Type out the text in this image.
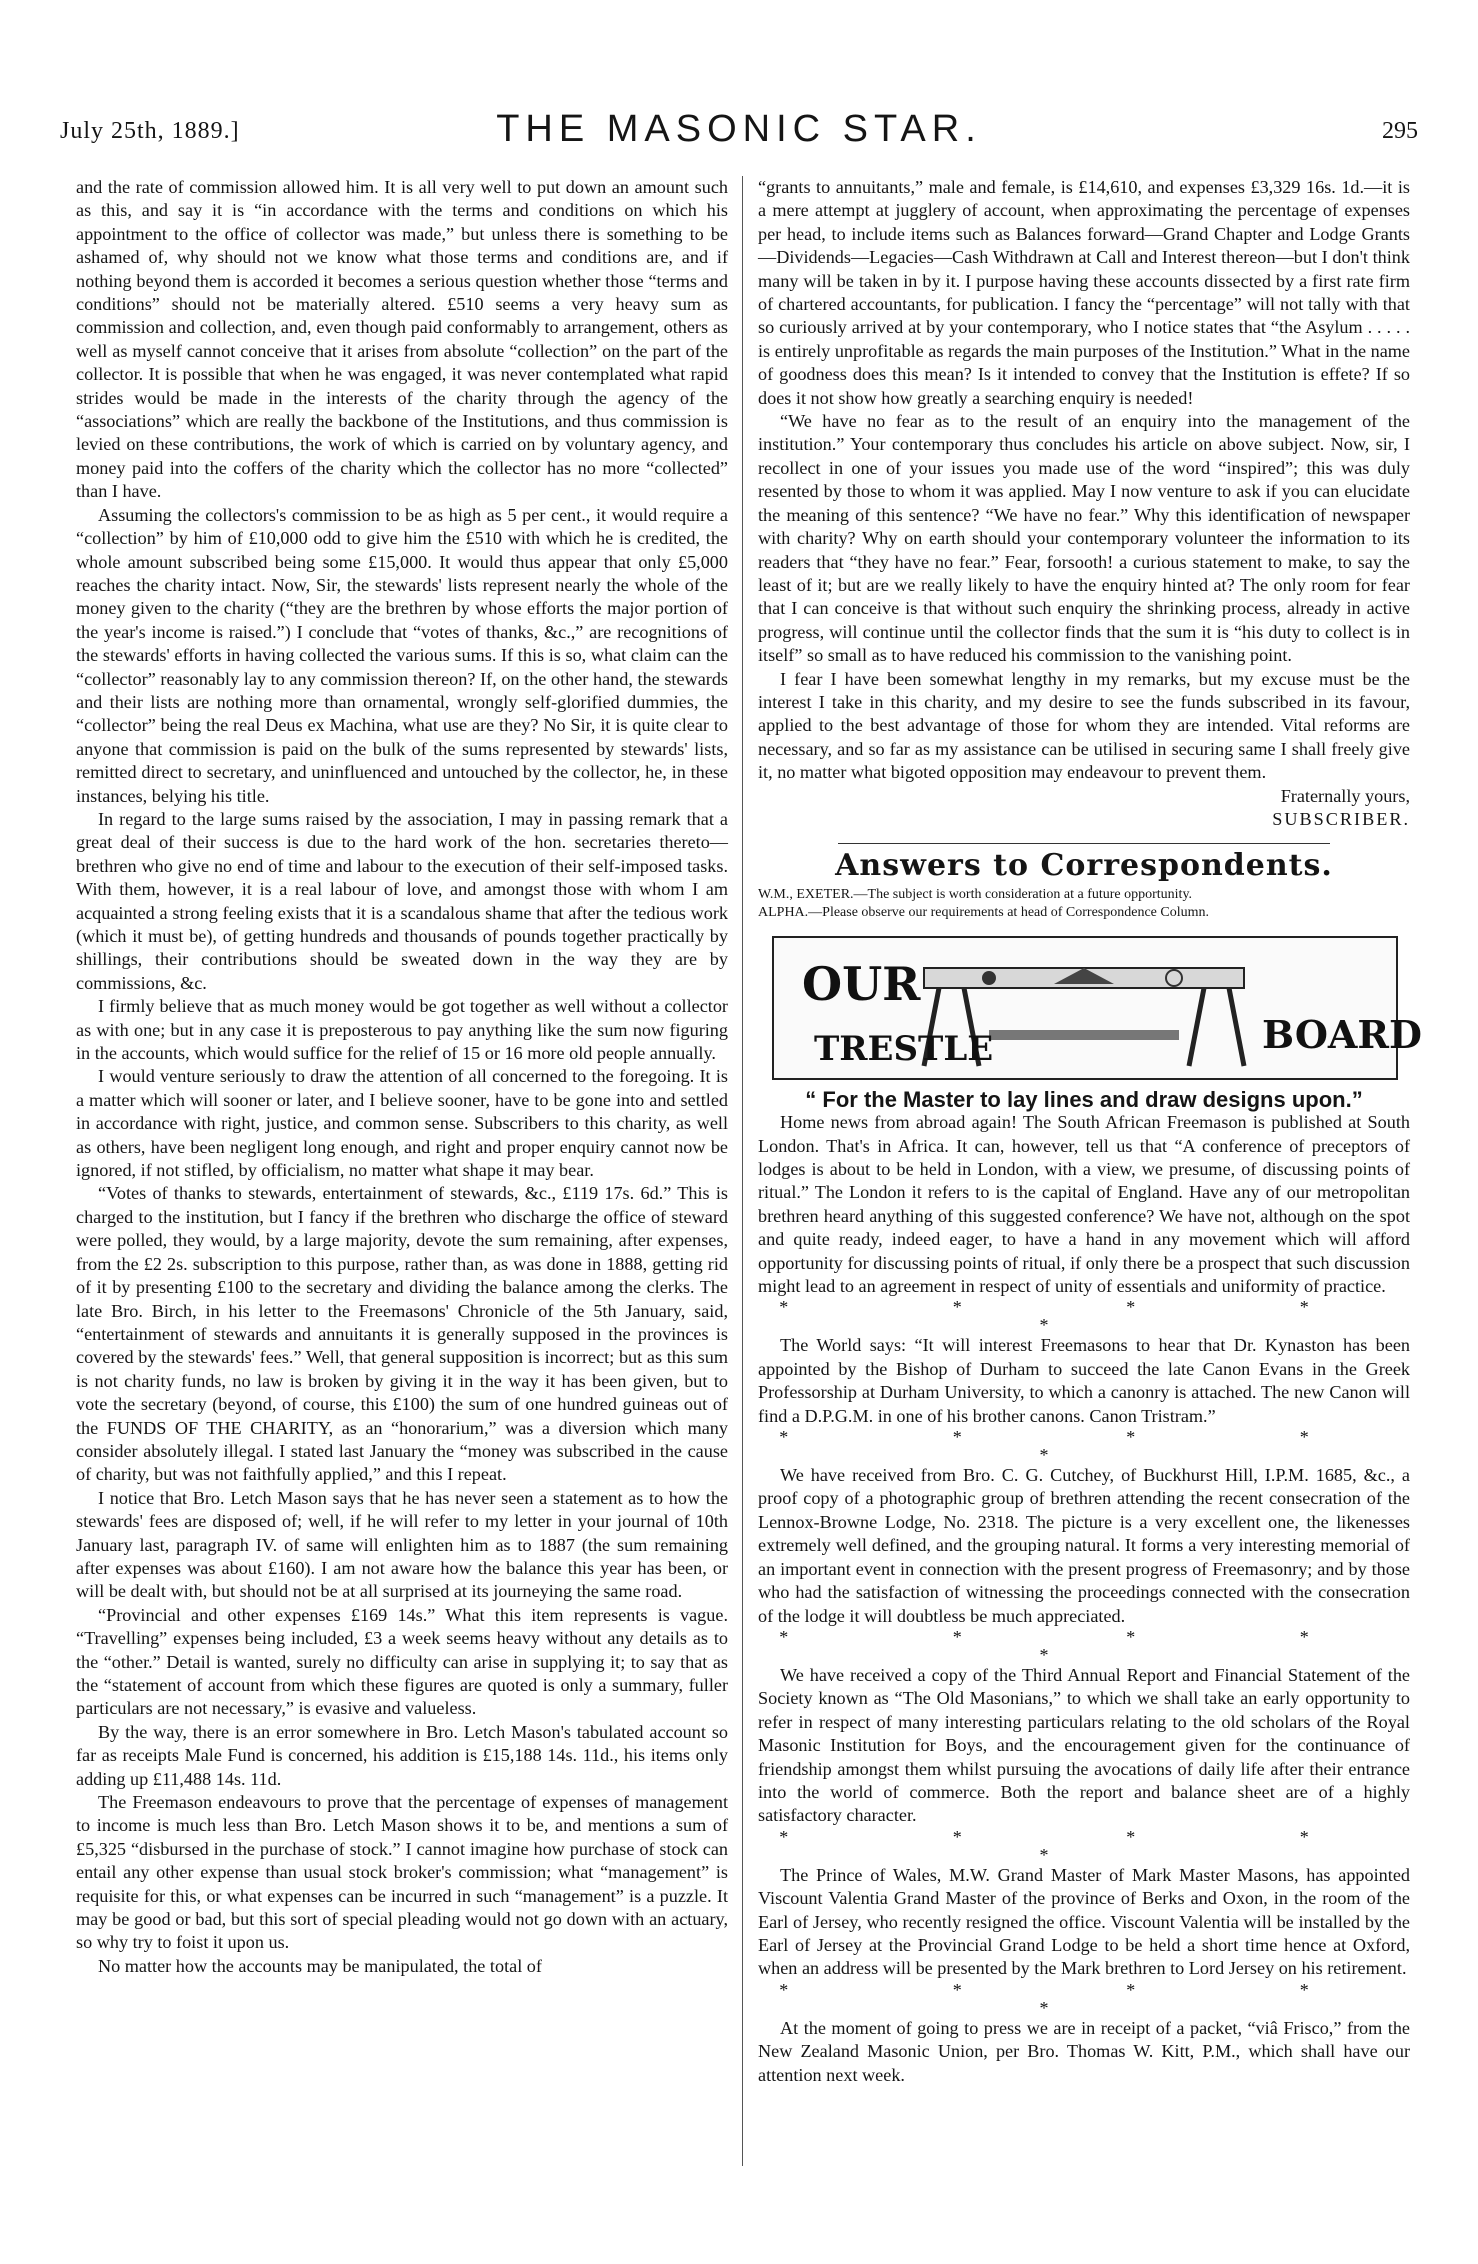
July 25th, 1889.]	THE MASONIC STAR.	295

and the rate of commission allowed him. It is all very well to put down an amount such as this, and say it is “in accordance with the terms and conditions on which his appointment to the office of collector was made,” but unless there is something to be ashamed of, why should not we know what those terms and conditions are, and if nothing beyond them is accorded it becomes a serious question whether those “terms and conditions” should not be materially altered. £510 seems a very heavy sum as commission and collection, and, even though paid conformably to arrangement, others as well as myself cannot conceive that it arises from absolute “collection” on the part of the collector. It is possible that when he was engaged, it was never contemplated what rapid strides would be made in the interests of the charity through the agency of the “associations” which are really the backbone of the Institutions, and thus commission is levied on these contributions, the work of which is carried on by voluntary agency, and money paid into the coffers of the charity which the collector has no more “collected” than I have.

Assuming the collectors's commission to be as high as 5 per cent., it would require a “collection” by him of £10,000 odd to give him the £510 with which he is credited, the whole amount subscribed being some £15,000. It would thus appear that only £5,000 reaches the charity intact. Now, Sir, the stewards' lists represent nearly the whole of the money given to the charity (“they are the brethren by whose efforts the major portion of the year's income is raised.”) I conclude that “votes of thanks, &c.,” are recognitions of the stewards' efforts in having collected the various sums. If this is so, what claim can the “collector” reasonably lay to any commission thereon? If, on the other hand, the stewards and their lists are nothing more than ornamental, wrongly self-glorified dummies, the “collector” being the real Deus ex Machina, what use are they? No Sir, it is quite clear to anyone that commission is paid on the bulk of the sums represented by stewards' lists, remitted direct to secretary, and uninfluenced and untouched by the collector, he, in these instances, belying his title.

In regard to the large sums raised by the association, I may in passing remark that a great deal of their success is due to the hard work of the hon. secretaries thereto—brethren who give no end of time and labour to the execution of their self-imposed tasks. With them, however, it is a real labour of love, and amongst those with whom I am acquainted a strong feeling exists that it is a scandalous shame that after the tedious work (which it must be), of getting hundreds and thousands of pounds together practically by shillings, their contributions should be sweated down in the way they are by commissions, &c.

I firmly believe that as much money would be got together as well without a collector as with one; but in any case it is preposterous to pay anything like the sum now figuring in the accounts, which would suffice for the relief of 15 or 16 more old people annually.

I would venture seriously to draw the attention of all concerned to the foregoing. It is a matter which will sooner or later, and I believe sooner, have to be gone into and settled in accordance with right, justice, and common sense. Subscribers to this charity, as well as others, have been negligent long enough, and right and proper enquiry cannot now be ignored, if not stifled, by officialism, no matter what shape it may bear.

“Votes of thanks to stewards, entertainment of stewards, &c., £119 17s. 6d.” This is charged to the institution, but I fancy if the brethren who discharge the office of steward were polled, they would, by a large majority, devote the sum remaining, after expenses, from the £2 2s. subscription to this purpose, rather than, as was done in 1888, getting rid of it by presenting £100 to the secretary and dividing the balance among the clerks. The late Bro. Birch, in his letter to the Freemasons' Chronicle of the 5th January, said, “entertainment of stewards and annuitants it is generally supposed in the provinces is covered by the stewards' fees.” Well, that general supposition is incorrect; but as this sum is not charity funds, no law is broken by giving it in the way it has been given, but to vote the secretary (beyond, of course, this £100) the sum of one hundred guineas out of the FUNDS OF THE CHARITY, as an “honorarium,” was a diversion which many consider absolutely illegal. I stated last January the “money was subscribed in the cause of charity, but was not faithfully applied,” and this I repeat.

I notice that Bro. Letch Mason says that he has never seen a statement as to how the stewards' fees are disposed of; well, if he will refer to my letter in your journal of 10th January last, paragraph IV. of same will enlighten him as to 1887 (the sum remaining after expenses was about £160). I am not aware how the balance this year has been, or will be dealt with, but should not be at all surprised at its journeying the same road.

“Provincial and other expenses £169 14s.” What this item represents is vague. “Travelling” expenses being included, £3 a week seems heavy without any details as to the “other.” Detail is wanted, surely no difficulty can arise in supplying it; to say that as the “statement of account from which these figures are quoted is only a summary, fuller particulars are not necessary,” is evasive and valueless.

By the way, there is an error somewhere in Bro. Letch Mason's tabulated account so far as receipts Male Fund is concerned, his addition is £15,188 14s. 11d., his items only adding up £11,488 14s. 11d.

The Freemason endeavours to prove that the percentage of expenses of management to income is much less than Bro. Letch Mason shows it to be, and mentions a sum of £5,325 “disbursed in the purchase of stock.” I cannot imagine how purchase of stock can entail any other expense than usual stock broker's commission; what “management” is requisite for this, or what expenses can be incurred in such “management” is a puzzle. It may be good or bad, but this sort of special pleading would not go down with an actuary, so why try to foist it upon us.

No matter how the accounts may be manipulated, the total of

“grants to annuitants,” male and female, is £14,610, and expenses £3,329 16s. 1d.—it is a mere attempt at jugglery of account, when approximating the percentage of expenses per head, to include items such as Balances forward—Grand Chapter and Lodge Grants—Dividends—Legacies—Cash Withdrawn at Call and Interest thereon—but I don't think many will be taken in by it. I purpose having these accounts dissected by a first rate firm of chartered accountants, for publication. I fancy the “percentage” will not tally with that so curiously arrived at by your contemporary, who I notice states that “the Asylum . . . . . is entirely unprofitable as regards the main purposes of the Institution.” What in the name of goodness does this mean? Is it intended to convey that the Institution is effete? If so does it not show how greatly a searching enquiry is needed!

“We have no fear as to the result of an enquiry into the management of the institution.” Your contemporary thus concludes his article on above subject. Now, sir, I recollect in one of your issues you made use of the word “inspired”; this was duly resented by those to whom it was applied. May I now venture to ask if you can elucidate the meaning of this sentence? “We have no fear.” Why this identification of newspaper with charity? Why on earth should your contemporary volunteer the information to its readers that “they have no fear.” Fear, forsooth! a curious statement to make, to say the least of it; but are we really likely to have the enquiry hinted at? The only room for fear that I can conceive is that without such enquiry the shrinking process, already in active progress, will continue until the collector finds that the sum it is “his duty to collect is in itself” so small as to have reduced his commission to the vanishing point.

I fear I have been somewhat lengthy in my remarks, but my excuse must be the interest I take in this charity, and my desire to see the funds subscribed in its favour, applied to the best advantage of those for whom they are intended. Vital reforms are necessary, and so far as my assistance can be utilised in securing same I shall freely give it, no matter what bigoted opposition may endeavour to prevent them.

Fraternally yours,
SUBSCRIBER.
Answers to Correspondents.

W.M., EXETER.—The subject is worth consideration at a future opportunity.

ALPHA.—Please observe our requirements at head of Correspondence Column.

OUR
TRESTLE	BOARD

“ For the Master to lay lines and draw designs upon.”

Home news from abroad again! The South African Freemason is published at South London. That's in Africa. It can, however, tell us that “A conference of preceptors of lodges is about to be held in London, with a view, we presume, of discussing points of ritual.” The London it refers to is the capital of England. Have any of our metropolitan brethren heard anything of this suggested conference? We have not, although on the spot and quite ready, indeed eager, to have a hand in any movement which will afford opportunity for discussing points of ritual, if only there be a prospect that such discussion might lead to an agreement in respect of unity of essentials and uniformity of practice.

* * * * *

The World says: “It will interest Freemasons to hear that Dr. Kynaston has been appointed by the Bishop of Durham to succeed the late Canon Evans in the Greek Professorship at Durham University, to which a canonry is attached. The new Canon will find a D.P.G.M. in one of his brother canons. Canon Tristram.”

* * * * *

We have received from Bro. C. G. Cutchey, of Buckhurst Hill, I.P.M. 1685, &c., a proof copy of a photographic group of brethren attending the recent consecration of the Lennox-Browne Lodge, No. 2318. The picture is a very excellent one, the likenesses extremely well defined, and the grouping natural. It forms a very interesting memorial of an important event in connection with the present progress of Freemasonry; and by those who had the satisfaction of witnessing the proceedings connected with the consecration of the lodge it will doubtless be much appreciated.

* * * * *

We have received a copy of the Third Annual Report and Financial Statement of the Society known as “The Old Masonians,” to which we shall take an early opportunity to refer in respect of many interesting particulars relating to the old scholars of the Royal Masonic Institution for Boys, and the encouragement given for the continuance of friendship amongst them whilst pursuing the avocations of daily life after their entrance into the world of commerce. Both the report and balance sheet are of a highly satisfactory character.

* * * * *

The Prince of Wales, M.W. Grand Master of Mark Master Masons, has appointed Viscount Valentia Grand Master of the province of Berks and Oxon, in the room of the Earl of Jersey, who recently resigned the office. Viscount Valentia will be installed by the Earl of Jersey at the Provincial Grand Lodge to be held a short time hence at Oxford, when an address will be presented by the Mark brethren to Lord Jersey on his retirement.

* * * * *

At the moment of going to press we are in receipt of a packet, “viâ Frisco,” from the New Zealand Masonic Union, per Bro. Thomas W. Kitt, P.M., which shall have our attention next week.
